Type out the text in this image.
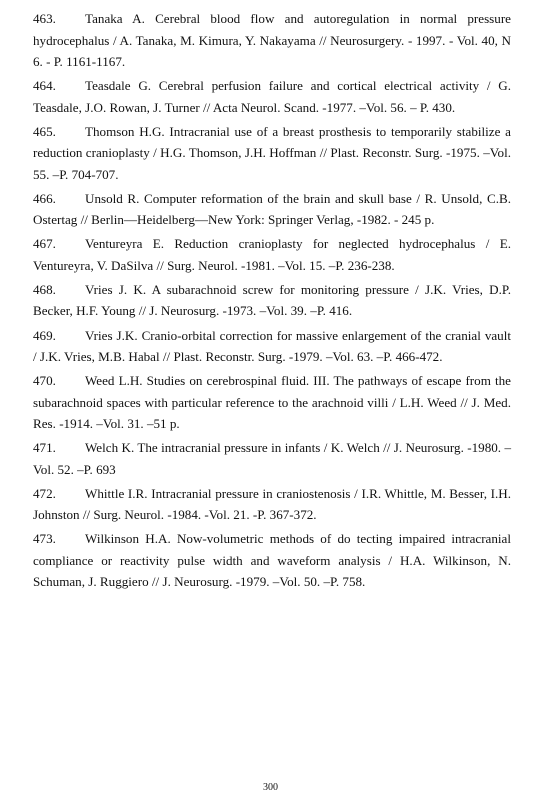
463. Tanaka A. Cerebral blood flow and autoregulation in normal pressure hydrocephalus / A. Tanaka, M. Kimura, Y. Nakayama // Neurosurgery. - 1997. - Vol. 40, N 6. - P. 1161-1167.

464. Teasdale G. Cerebral perfusion failure and cortical electrical activity / G. Teasdale, J.O. Rowan, J. Turner // Acta Neurol. Scand. -1977. –Vol. 56. – P. 430.

465. Thomson H.G. Intracranial use of a breast prosthesis to temporarily stabilize a reduction cranioplasty / H.G. Thomson, J.H. Hoffman // Plast. Reconstr. Surg. -1975. –Vol. 55. –P. 704-707.

466. Unsold R. Computer reformation of the brain and skull base / R. Unsold, C.B. Ostertag // Berlin—Heidelberg—New York: Springer Verlag, -1982. - 245 p.

467. Ventureyra E. Reduction cranioplasty for neglected hydrocephalus / E. Ventureyra, V. DaSilva // Surg. Neurol. -1981. –Vol. 15. –P. 236-238.

468. Vries J. K. A subarachnoid screw for monitoring pressure / J.K. Vries, D.P. Becker, H.F. Young // J. Neurosurg. -1973. –Vol. 39. –P. 416.

469. Vries J.K. Cranio-orbital correction for massive enlargement of the cranial vault / J.K. Vries, M.B. Habal // Plast. Reconstr. Surg. -1979. –Vol. 63. –P. 466-472.

470. Weed L.H. Studies on cerebrospinal fluid. III. The pathways of escape from the subarachnoid spaces with particular reference to the arachnoid villi / L.H. Weed // J. Med. Res. -1914. –Vol. 31. –51 p.

471. Welch K. The intracranial pressure in infants / K. Welch // J. Neurosurg. -1980. – Vol. 52. –P. 693

472. Whittle I.R. Intracranial pressure in craniostenosis / I.R. Whittle, M. Besser, I.H. Johnston // Surg. Neurol. -1984. -Vol. 21. -P. 367-372.

473. Wilkinson H.A. Now-volumetric methods of do tecting impaired intracranial compliance or reactivity pulse width and waveform analysis / H.A. Wilkinson, N. Schuman, J. Ruggiero // J. Neurosurg. -1979. –Vol. 50. –P. 758.

300
